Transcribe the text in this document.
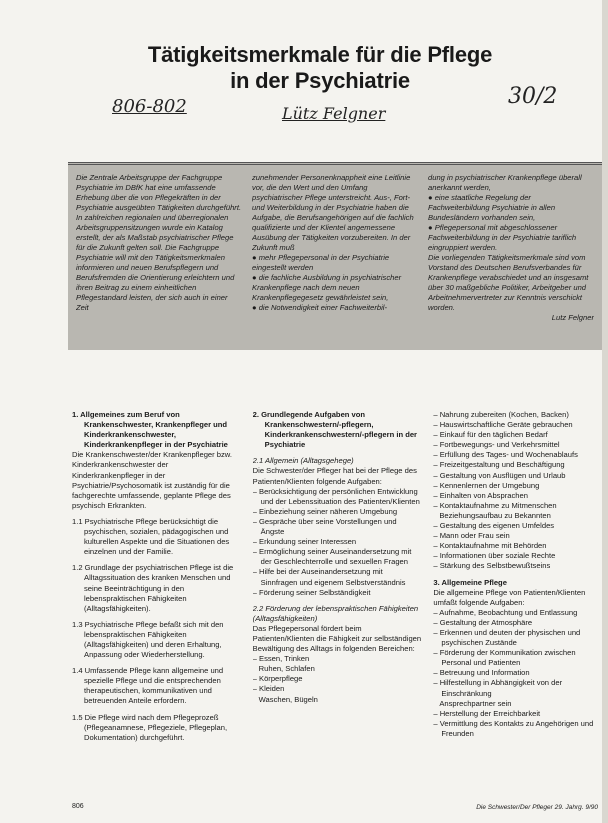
Tätigkeitsmerkmale für die Pflege
in der Psychiatrie
806-802	Lütz Felgner
30/2

Die Zentrale Arbeitsgruppe der Fachgruppe Psychiatrie im DBfK hat eine umfassende Erhebung über die von Pflegekräften in der Psychiatrie ausgeübten Tätigkeiten durchgeführt. In zahlreichen regionalen und überregionalen Arbeitsgruppensitzungen wurde ein Katalog erstellt, der als Maßstab psychiatrischer Pflege für die Zukunft gelten soll. Die Fachgruppe Psychiatrie will mit den Tätigkeitsmerkmalen informieren und neuen Berufspflegern und Berufsfremden die Orientierung erleichtern und ihren Beitrag zu einem einheitlichen Pflegestandard leisten, der sich auch in einer Zeit

zunehmender Personenknappheit eine Leitlinie vor, die den Wert und den Umfang psychiatrischer Pflege unterstreicht. Aus-, Fort- und Weiterbildung in der Psychiatrie haben die Aufgabe, die Berufsangehörigen auf die fachlich qualifizierte und der Klientel angemessene Ausübung der Tätigkeiten vorzubereiten. In der Zukunft muß

● mehr Pflegepersonal in der Psychiatrie eingestellt werden

● die fachliche Ausbildung in psychiatrischer Krankenpflege nach dem neuen Krankenpflegegesetz gewährleistet sein,

● die Notwendigkeit einer Fachweiterbil-

dung in psychiatrischer Krankenpflege überall anerkannt werden,

● eine staatliche Regelung der Fachweiterbildung Psychiatrie in allen Bundesländern vorhanden sein,

● Pflegepersonal mit abgeschlossener Fachweiterbildung in der Psychiatrie tariflich eingruppiert werden.

Die vorliegenden Tätigkeitsmerkmale sind vom Vorstand des Deutschen Berufsverbandes für Krankenpflege verabschiedet und an insgesamt über 30 maßgebliche Politiker, Arbeitgeber und Arbeitnehmervertreter zur Kenntnis verschickt worden.

Lutz Felgner

1. Allgemeines zum Beruf von Krankenschwester, Krankenpfleger und Kinderkrankenschwester, Kinderkrankenpfleger in der Psychiatrie

Die Krankenschwester/der Krankenpfleger bzw. Kinderkrankenschwester der Kinderkrankenpfleger in der Psychiatrie/Psychosomatik ist zuständig für die fachgerechte umfassende, geplante Pflege des psychisch Erkrankten.

1.1 Psychiatrische Pflege berücksichtigt die psychischen, sozialen, pädagogischen und kulturellen Aspekte und die Situationen des einzelnen und der Familie.

1.2 Grundlage der psychiatrischen Pflege ist die Alltagssituation des kranken Menschen und seine Beeinträchtigung in den lebenspraktischen Fähigkeiten (Alltagsfähigkeiten).

1.3 Psychiatrische Pflege befaßt sich mit den lebenspraktischen Fähigkeiten (Alltagsfähigkeiten) und deren Erhaltung, Anpassung oder Wiederherstellung.

1.4 Umfassende Pflege kann allgemeine und spezielle Pflege und die entsprechenden therapeutischen, kommunikativen und betreuenden Anteile erfordern.

1.5 Die Pflege wird nach dem Pflegeprozeß (Pflegeanamnese, Pflegeziele, Pflegeplan, Dokumentation) durchgeführt.

2. Grundlegende Aufgaben von Krankenschwestern/-pflegern, Kinderkrankenschwestern/-pflegern in der Psychiatrie

2.1 Allgemein (Alltagsgehege)

Die Schwester/der Pfleger hat bei der Pflege des Patienten/Klienten folgende Aufgaben:

– Berücksichtigung der persönlichen Entwicklung und der Lebenssituation des Patienten/Klienten

– Einbeziehung seiner näheren Umgebung

– Gespräche über seine Vorstellungen und Ängste

– Erkundung seiner Interessen

– Ermöglichung seiner Auseinandersetzung mit der Geschlechterrolle und sexuellen Fragen

– Hilfe bei der Auseinandersetzung mit Sinnfragen und eigenem Selbstverständnis

– Förderung seiner Selbständigkeit

2.2 Förderung der lebenspraktischen Fähigkeiten (Alltagsfähigkeiten)

Das Pflegepersonal fördert beim Patienten/Klienten die Fähigkeit zur selbständigen Bewältigung des Alltags in folgenden Bereichen:

– Essen, Trinken

Ruhen, Schlafen

– Körperpflege

– Kleiden

Waschen, Bügeln

– Nahrung zubereiten (Kochen, Backen)

– Hauswirtschaftliche Geräte gebrauchen

– Einkauf für den täglichen Bedarf

– Fortbewegungs- und Verkehrsmittel

– Erfüllung des Tages- und Wochenablaufs

– Freizeitgestaltung und Beschäftigung

– Gestaltung von Ausflügen und Urlaub

– Kennenlernen der Umgebung

– Einhalten von Absprachen

– Kontaktaufnahme zu Mitmenschen

Beziehungsaufbau zu Bekannten

– Gestaltung des eigenen Umfeldes

– Mann oder Frau sein

– Kontaktaufnahme mit Behörden

– Informationen über soziale Rechte

– Stärkung des Selbstbewußtseins

3. Allgemeine Pflege

Die allgemeine Pflege von Patienten/Klienten umfaßt folgende Aufgaben:

– Aufnahme, Beobachtung und Entlassung

– Gestaltung der Atmosphäre

– Erkennen und deuten der physischen und psychischen Zustände

– Förderung der Kommunikation zwischen Personal und Patienten

– Betreuung und Information

– Hilfestellung in Abhängigkeit von der Einschränkung

Ansprechpartner sein

– Herstellung der Erreichbarkeit

– Vermittlung des Kontakts zu Angehörigen und Freunden

806	Die Schwester/Der Pfleger 29. Jahrg. 9/90
